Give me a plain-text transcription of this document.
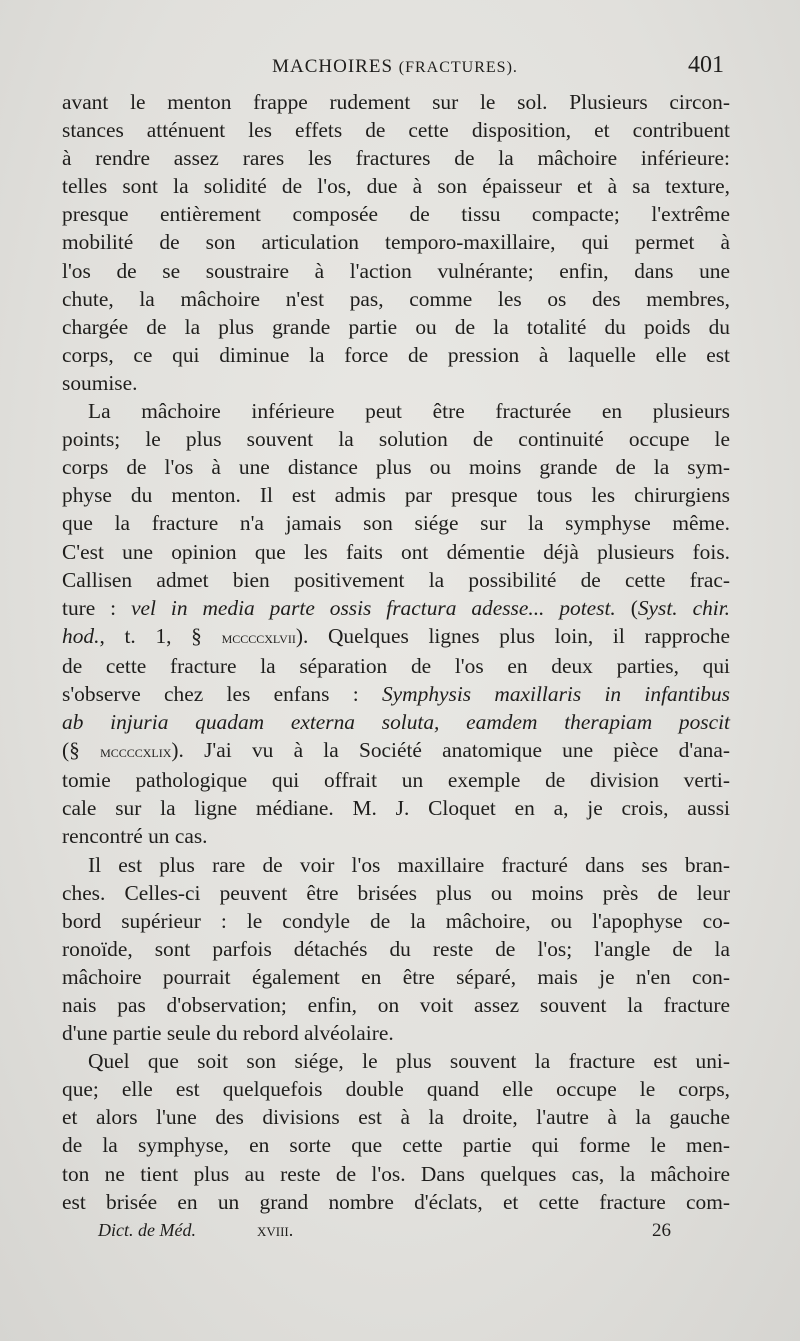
MACHOIRES (FRACTURES).	401
avant le menton frappe rudement sur le sol. Plusieurs circon-
stances atténuent les effets de cette disposition, et contribuent
à rendre assez rares les fractures de la mâchoire inférieure:
telles sont la solidité de l'os, due à son épaisseur et à sa texture,
presque entièrement composée de tissu compacte; l'extrême
mobilité de son articulation temporo-maxillaire, qui permet à
l'os de se soustraire à l'action vulnérante; enfin, dans une
chute, la mâchoire n'est pas, comme les os des membres,
chargée de la plus grande partie ou de la totalité du poids du
corps, ce qui diminue la force de pression à laquelle elle est
soumise.
La mâchoire inférieure peut être fracturée en plusieurs
points; le plus souvent la solution de continuité occupe le
corps de l'os à une distance plus ou moins grande de la sym-
physe du menton. Il est admis par presque tous les chirurgiens
que la fracture n'a jamais son siége sur la symphyse même.
C'est une opinion que les faits ont démentie déjà plusieurs fois.
Callisen admet bien positivement la possibilité de cette frac-
ture : vel in media parte ossis fractura adesse... potest. (Syst. chir.
hod., t. 1, § mccccxlvii). Quelques lignes plus loin, il rapproche
de cette fracture la séparation de l'os en deux parties, qui
s'observe chez les enfans : Symphysis maxillaris in infantibus
ab injuria quadam externa soluta, eamdem therapiam poscit
(§ mccccxlix). J'ai vu à la Société anatomique une pièce d'ana-
tomie pathologique qui offrait un exemple de division verti-
cale sur la ligne médiane. M. J. Cloquet en a, je crois, aussi
rencontré un cas.
Il est plus rare de voir l'os maxillaire fracturé dans ses bran-
ches. Celles-ci peuvent être brisées plus ou moins près de leur
bord supérieur : le condyle de la mâchoire, ou l'apophyse co-
ronoïde, sont parfois détachés du reste de l'os; l'angle de la
mâchoire pourrait également en être séparé, mais je n'en con-
nais pas d'observation; enfin, on voit assez souvent la fracture
d'une partie seule du rebord alvéolaire.
Quel que soit son siége, le plus souvent la fracture est uni-
que; elle est quelquefois double quand elle occupe le corps,
et alors l'une des divisions est à la droite, l'autre à la gauche
de la symphyse, en sorte que cette partie qui forme le men-
ton ne tient plus au reste de l'os. Dans quelques cas, la mâchoire
est brisée en un grand nombre d'éclats, et cette fracture com-
Dict. de Méd.	xviii.	26
